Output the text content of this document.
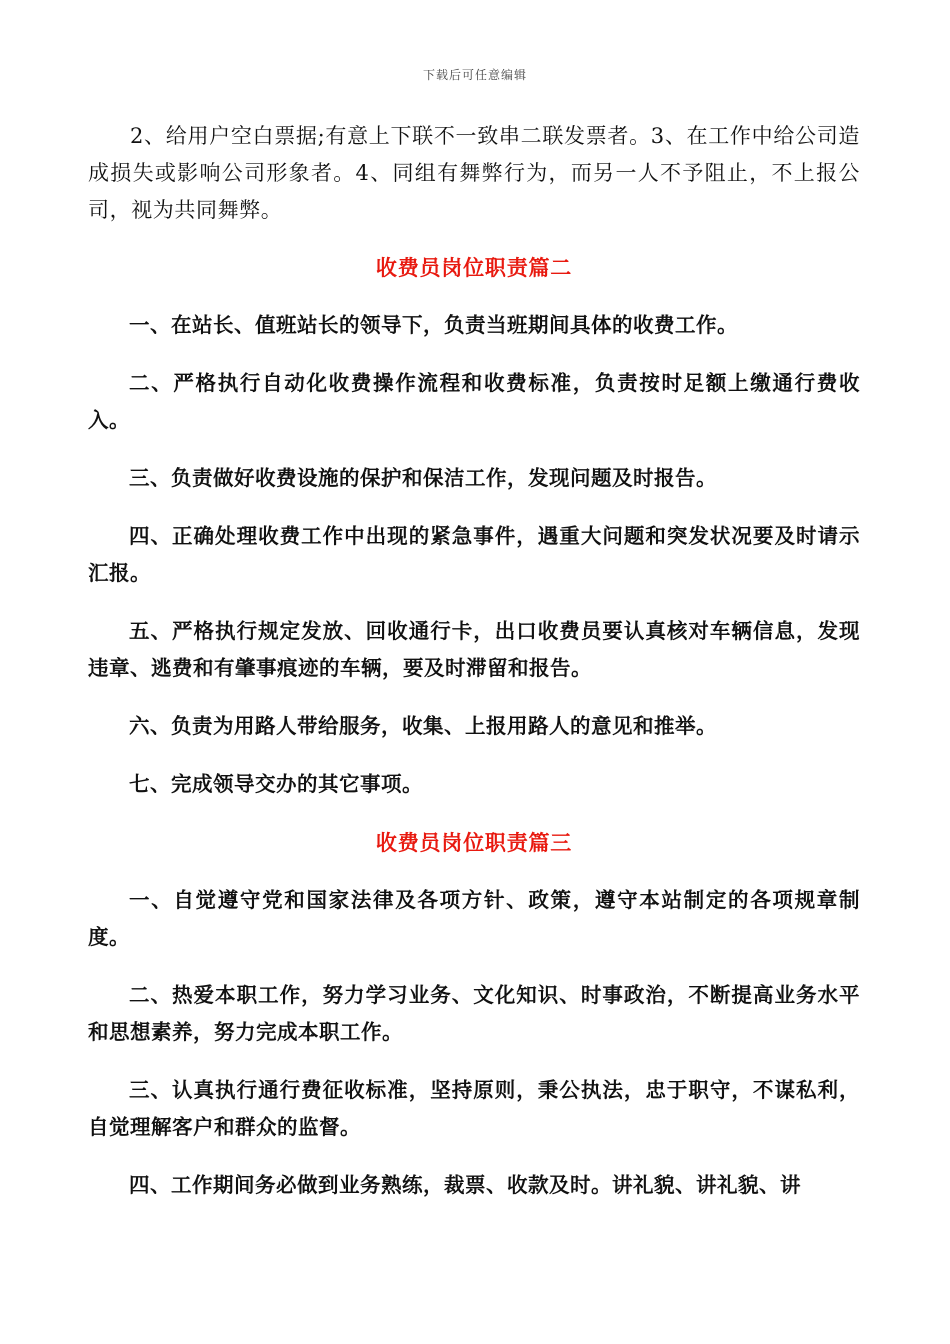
下载后可任意编辑

2、给用户空白票据;有意上下联不一致串二联发票者。3、在工作中给公司造成损失或影响公司形象者。4、同组有舞弊行为，而另一人不予阻止，不上报公司，视为共同舞弊。

收费员岗位职责篇二

一、在站长、值班站长的领导下，负责当班期间具体的收费工作。

二、严格执行自动化收费操作流程和收费标准，负责按时足额上缴通行费收入。

三、负责做好收费设施的保护和保洁工作，发现问题及时报告。

四、正确处理收费工作中出现的紧急事件，遇重大问题和突发状况要及时请示汇报。

五、严格执行规定发放、回收通行卡，出口收费员要认真核对车辆信息，发现违章、逃费和有肇事痕迹的车辆，要及时滞留和报告。

六、负责为用路人带给服务，收集、上报用路人的意见和推举。

七、完成领导交办的其它事项。

收费员岗位职责篇三

一、自觉遵守党和国家法律及各项方针、政策，遵守本站制定的各项规章制度。

二、热爱本职工作，努力学习业务、文化知识、时事政治，不断提高业务水平和思想素养，努力完成本职工作。

三、认真执行通行费征收标准，坚持原则，秉公执法，忠于职守，不谋私利，自觉理解客户和群众的监督。

四、工作期间务必做到业务熟练，裁票、收款及时。讲礼貌、讲礼貌、讲
